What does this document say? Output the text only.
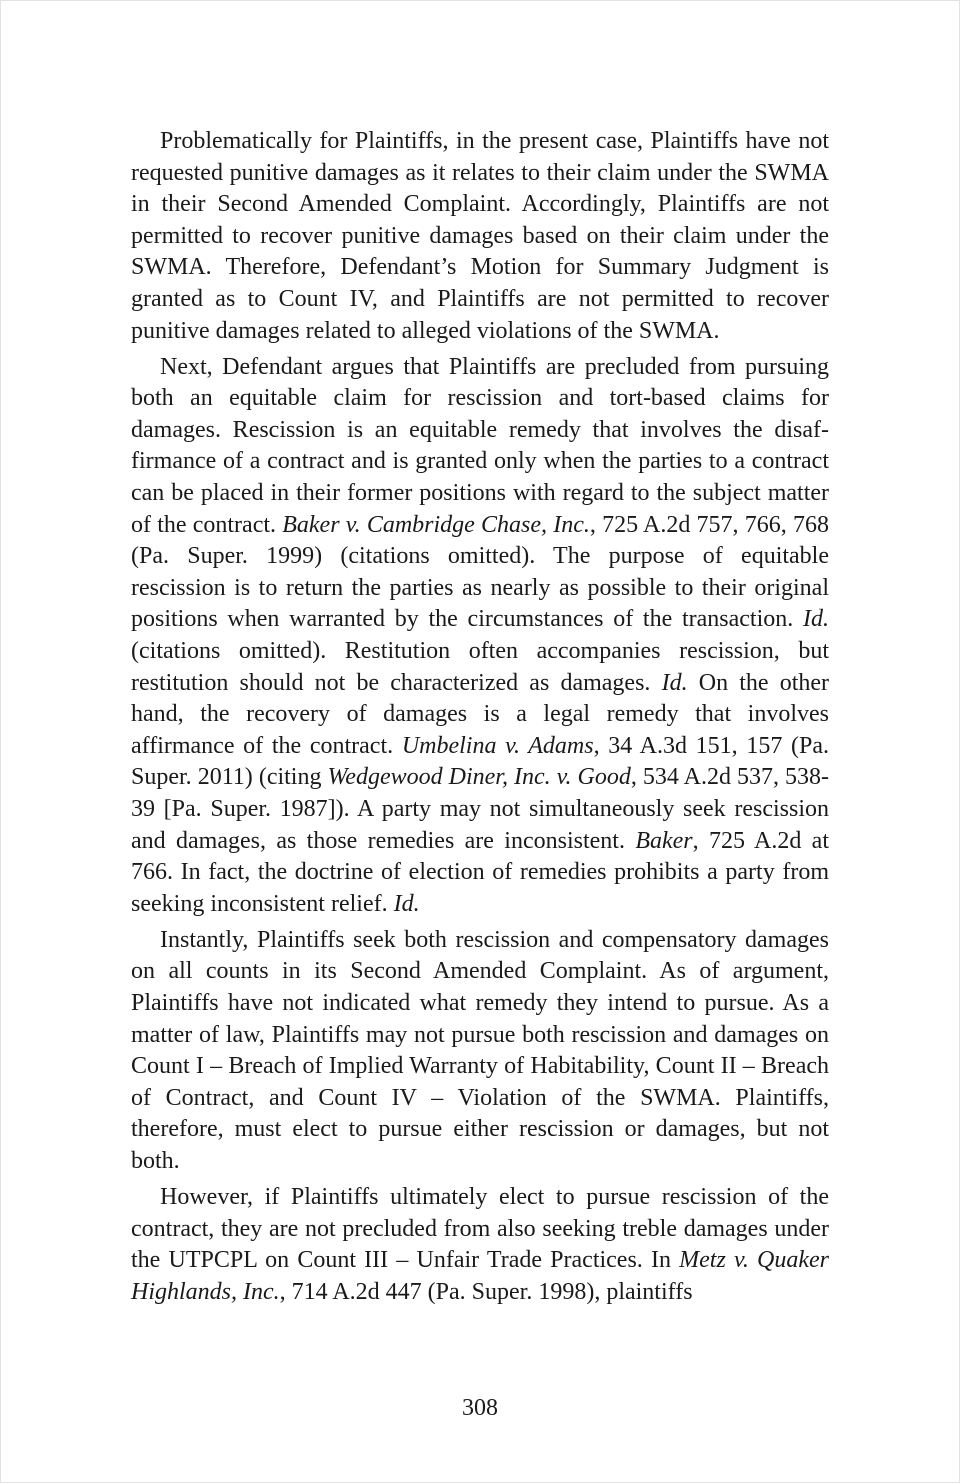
Problematically for Plaintiffs, in the present case, Plaintiffs have not requested punitive damages as it relates to their claim under the SWMA in their Second Amended Complaint. Accordingly, Plaintiffs are not permitted to recover punitive damages based on their claim under the SWMA. Therefore, Defendant’s Motion for Summary Judgment is granted as to Count IV, and Plaintiffs are not permitted to recover punitive damages related to alleged violations of the SWMA.

Next, Defendant argues that Plaintiffs are precluded from pursuing both an equitable claim for rescission and tort-based claims for damages. Rescission is an equitable remedy that involves the disaffirmance of a contract and is granted only when the parties to a contract can be placed in their former positions with regard to the subject matter of the contract. Baker v. Cambridge Chase, Inc., 725 A.2d 757, 766, 768 (Pa. Super. 1999) (citations omitted). The purpose of equitable rescission is to return the parties as nearly as possible to their original positions when warranted by the circumstances of the transaction. Id. (citations omitted). Restitution often accompanies rescission, but restitution should not be characterized as damages. Id. On the other hand, the recovery of damages is a legal remedy that involves affirmance of the contract. Umbelina v. Adams, 34 A.3d 151, 157 (Pa. Super. 2011) (citing Wedgewood Diner, Inc. v. Good, 534 A.2d 537, 538-39 [Pa. Super. 1987]). A party may not simultaneously seek rescission and damages, as those remedies are inconsistent. Baker, 725 A.2d at 766. In fact, the doctrine of election of remedies prohibits a party from seeking inconsistent relief. Id.

Instantly, Plaintiffs seek both rescission and compensatory damages on all counts in its Second Amended Complaint. As of argument, Plaintiffs have not indicated what remedy they intend to pursue. As a matter of law, Plaintiffs may not pursue both rescission and damages on Count I – Breach of Implied Warranty of Habitability, Count II – Breach of Contract, and Count IV – Violation of the SWMA. Plaintiffs, therefore, must elect to pursue either rescission or damages, but not both.

However, if Plaintiffs ultimately elect to pursue rescission of the contract, they are not precluded from also seeking treble damages under the UTPCPL on Count III – Unfair Trade Practices. In Metz v. Quaker Highlands, Inc., 714 A.2d 447 (Pa. Super. 1998), plaintiffs

308
